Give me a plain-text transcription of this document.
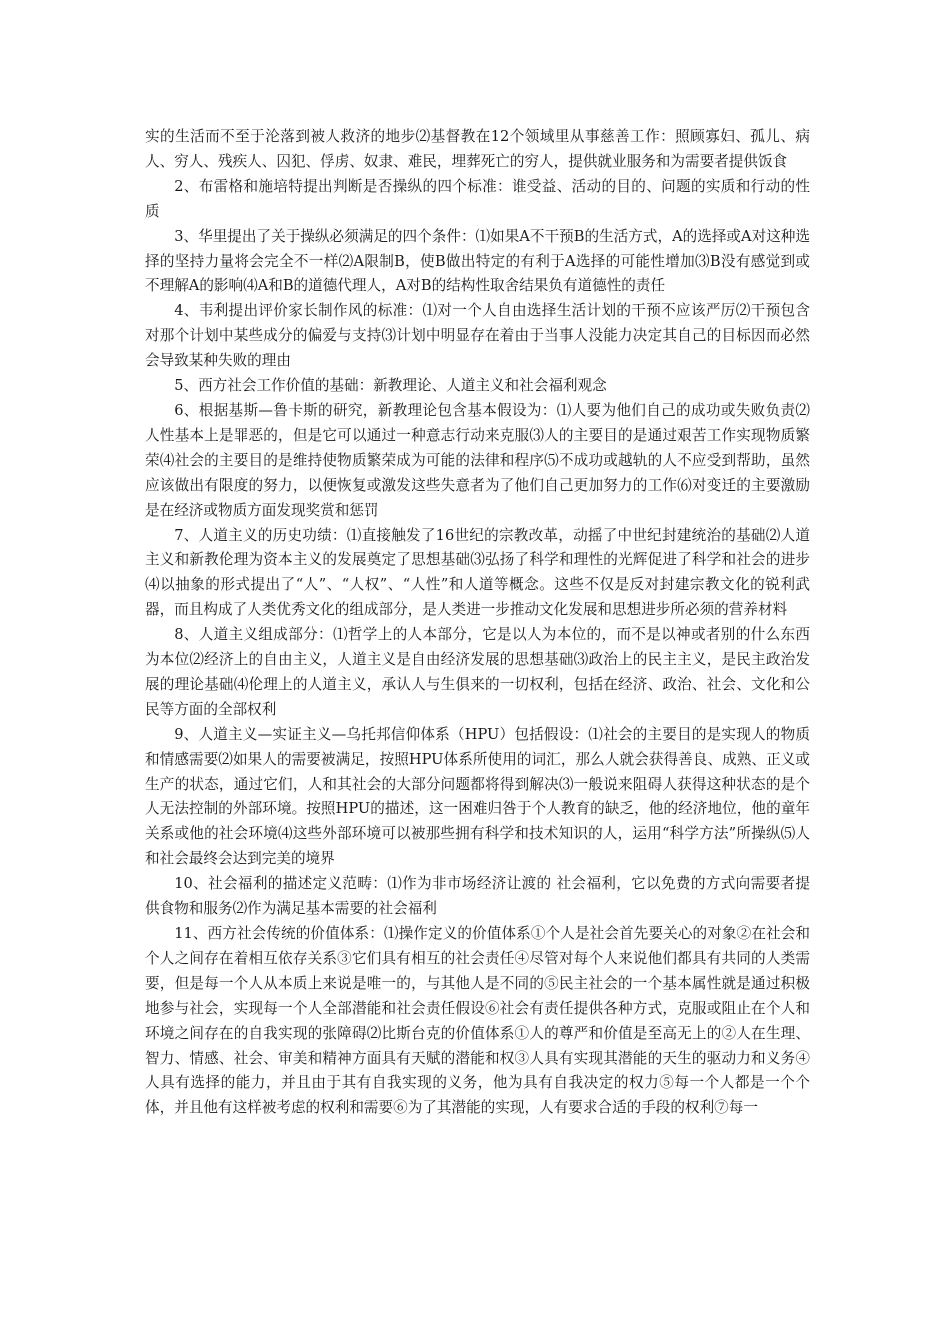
实的生活而不至于沦落到被人救济的地步⑵基督教在12个领域里从事慈善工作：照顾寡妇、孤儿、病人、穷人、残疾人、囚犯、俘虏、奴隶、难民，埋葬死亡的穷人，提供就业服务和为需要者提供饭食

2、布雷格和施培特提出判断是否操纵的四个标准：谁受益、活动的目的、问题的实质和行动的性质

3、华里提出了关于操纵必须满足的四个条件：⑴如果A不干预B的生活方式，A的选择或A对这种选择的坚持力量将会完全不一样⑵A限制B，使B做出特定的有利于A选择的可能性增加⑶B没有感觉到或不理解A的影响⑷A和B的道德代理人，A对B的结构性取舍结果负有道德性的责任

4、韦利提出评价家长制作风的标准：⑴对一个人自由选择生活计划的干预不应该严厉⑵干预包含对那个计划中某些成分的偏爱与支持⑶计划中明显存在着由于当事人没能力决定其自己的目标因而必然会导致某种失败的理由

5、西方社会工作价值的基础：新教理论、人道主义和社会福利观念

6、根据基斯—鲁卡斯的研究，新教理论包含基本假设为：⑴人要为他们自己的成功或失败负责⑵人性基本上是罪恶的，但是它可以通过一种意志行动来克服⑶人的主要目的是通过艰苦工作实现物质繁荣⑷社会的主要目的是维持使物质繁荣成为可能的法律和程序⑸不成功或越轨的人不应受到帮助，虽然应该做出有限度的努力，以便恢复或激发这些失意者为了他们自己更加努力的工作⑹对变迁的主要激励是在经济或物质方面发现奖赏和惩罚

7、人道主义的历史功绩：⑴直接触发了16世纪的宗教改革，动摇了中世纪封建统治的基础⑵人道主义和新教伦理为资本主义的发展奠定了思想基础⑶弘扬了科学和理性的光辉促进了科学和社会的进步⑷以抽象的形式提出了“人”、“人权”、“人性”和人道等概念。这些不仅是反对封建宗教文化的锐利武器，而且构成了人类优秀文化的组成部分，是人类进一步推动文化发展和思想进步所必须的营养材料

8、人道主义组成部分：⑴哲学上的人本部分，它是以人为本位的，而不是以神或者别的什么东西为本位⑵经济上的自由主义，人道主义是自由经济发展的思想基础⑶政治上的民主主义，是民主政治发展的理论基础⑷伦理上的人道主义，承认人与生俱来的一切权利，包括在经济、政治、社会、文化和公民等方面的全部权利

9、人道主义—实证主义—乌托邦信仰体系（HPU）包括假设：⑴社会的主要目的是实现人的物质和情感需要⑵如果人的需要被满足，按照HPU体系所使用的词汇，那么人就会获得善良、成熟、正义或生产的状态，通过它们，人和其社会的大部分问题都将得到解决⑶一般说来阻碍人获得这种状态的是个人无法控制的外部环境。按照HPU的描述，这一困难归咎于个人教育的缺乏，他的经济地位，他的童年关系或他的社会环境⑷这些外部环境可以被那些拥有科学和技术知识的人，运用“科学方法”所操纵⑸人和社会最终会达到完美的境界

10、社会福利的描述定义范畴：⑴作为非市场经济让渡的 社会福利，它以免费的方式向需要者提供食物和服务⑵作为满足基本需要的社会福利

11、西方社会传统的价值体系：⑴操作定义的价值体系①个人是社会首先要关心的对象②在社会和个人之间存在着相互依存关系③它们具有相互的社会责任④尽管对每个人来说他们都具有共同的人类需要，但是每一个人从本质上来说是唯一的，与其他人是不同的⑤民主社会的一个基本属性就是通过积极地参与社会，实现每一个人全部潜能和社会责任假设⑥社会有责任提供各种方式，克服或阻止在个人和环境之间存在的自我实现的张障碍⑵比斯台克的价值体系①人的尊严和价值是至高无上的②人在生理、智力、情感、社会、审美和精神方面具有天赋的潜能和权③人具有实现其潜能的天生的驱动力和义务④人具有选择的能力，并且由于其有自我实现的义务，他为具有自我决定的权力⑤每一个人都是一个个体，并且他有这样被考虑的权利和需要⑥为了其潜能的实现，人有要求合适的手段的权利⑦每一
